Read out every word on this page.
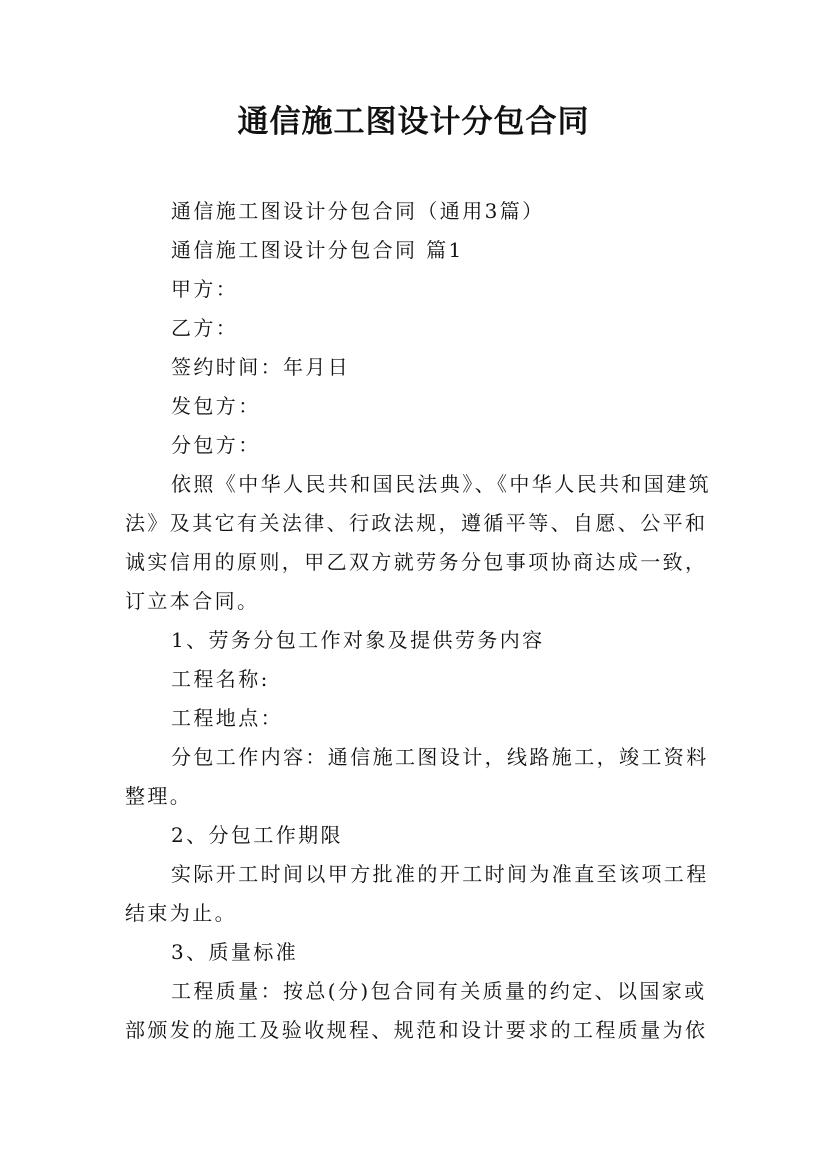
通信施工图设计分包合同

通信施工图设计分包合同（通用3篇）

通信施工图设计分包合同 篇1

甲方：

乙方：

签约时间：年月日

发包方：

分包方：

依照《中华人民共和国民法典》、《中华人民共和国建筑法》及其它有关法律、行政法规，遵循平等、自愿、公平和诚实信用的原则，甲乙双方就劳务分包事项协商达成一致，订立本合同。

1、劳务分包工作对象及提供劳务内容

工程名称:

工程地点：

分包工作内容：通信施工图设计，线路施工，竣工资料整理。

2、分包工作期限

实际开工时间以甲方批准的开工时间为准直至该项工程结束为止。

3、质量标准

工程质量：按总(分)包合同有关质量的约定、以国家或部颁发的施工及验收规程、规范和设计要求的工程质量为依
